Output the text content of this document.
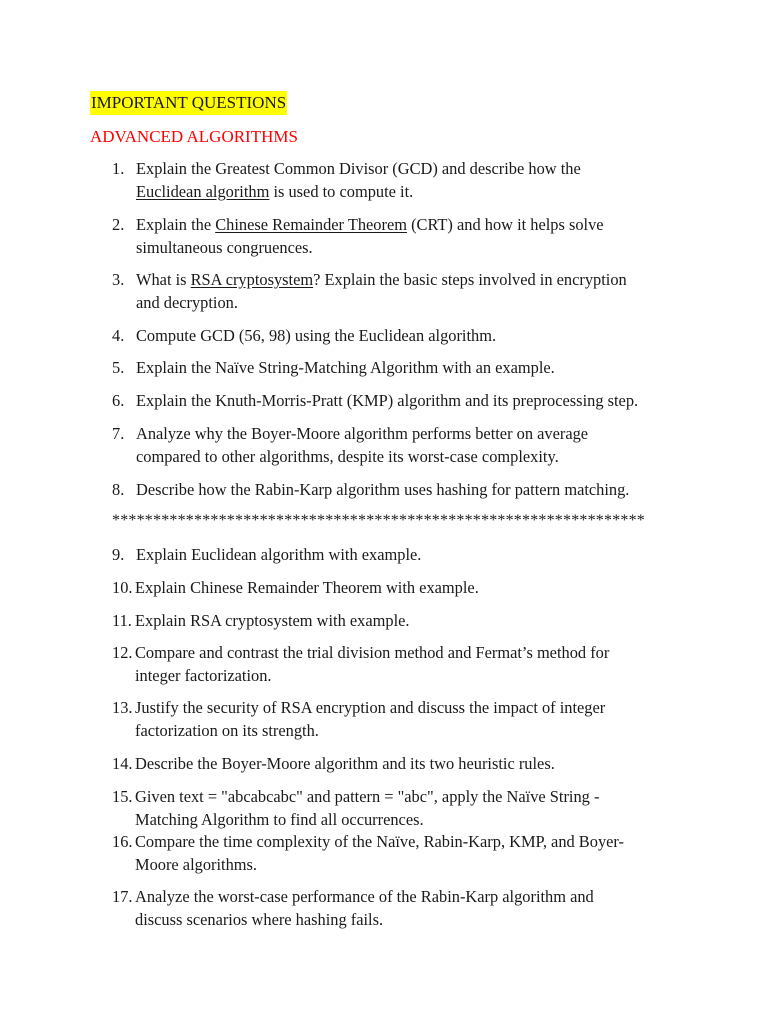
IMPORTANT QUESTIONS
ADVANCED ALGORITHMS
1. Explain the Greatest Common Divisor (GCD) and describe how the
Euclidean algorithm is used to compute it.
2. Explain the Chinese Remainder Theorem (CRT) and how it helps solve
simultaneous congruences.
3. What is RSA cryptosystem? Explain the basic steps involved in encryption
and decryption.
4. Compute GCD (56, 98) using the Euclidean algorithm.
5. Explain the Naïve String-Matching Algorithm with an example.
6. Explain the Knuth-Morris-Pratt (KMP) algorithm and its preprocessing step.
7. Analyze why the Boyer-Moore algorithm performs better on average
compared to other algorithms, despite its worst-case complexity.
8. Describe how the Rabin-Karp algorithm uses hashing for pattern matching.
*****************************************************************
9. Explain Euclidean algorithm with example.
10. Explain Chinese Remainder Theorem with example.
11. Explain RSA cryptosystem with example.
12. Compare and contrast the trial division method and Fermat’s method for
integer factorization.
13. Justify the security of RSA encryption and discuss the impact of integer
factorization on its strength.
14. Describe the Boyer-Moore algorithm and its two heuristic rules.
15. Given text = "abcabcabc" and pattern = "abc", apply the Naïve String -
Matching Algorithm to find all occurrences.
16. Compare the time complexity of the Naïve, Rabin-Karp, KMP, and Boyer-
Moore algorithms.
17. Analyze the worst-case performance of the Rabin-Karp algorithm and
discuss scenarios where hashing fails.
